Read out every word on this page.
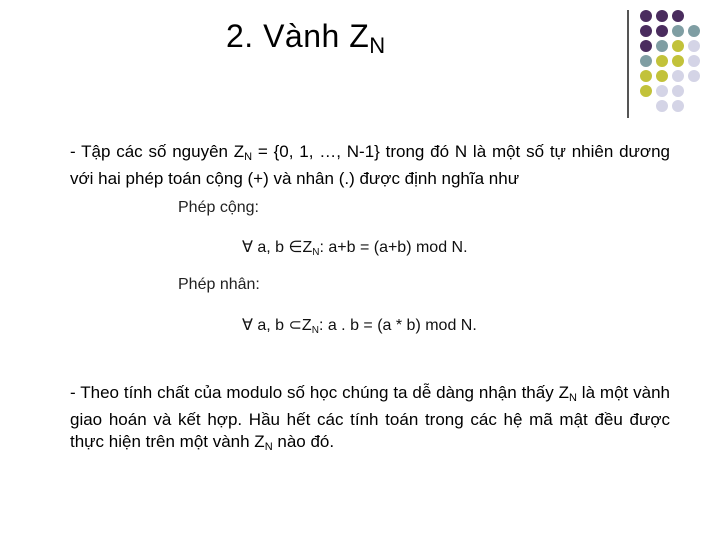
2. Vành $Z_N$
- Tập các số nguyên $Z_N = \{0$, 1, …, N-1} trong đó N là một số tự nhiên dương với hai phép toán cộng (+) và nhân (.) được định nghĩa như
Phép cộng:
∀ a, b $\in Z_N$: a+b = (a+b) mod N.
Phép nhân:
∀ a, b $\subset Z_N$: a . b = (a * b) mod N.
- Theo tính chất của modulo số học chúng ta dễ dàng nhận thấy $Z_N$ là một vành giao hoán và kết hợp. Hầu hết các tính toán trong các hệ mã mật đều được thực hiện trên một vành $Z_N$ nào đó.
